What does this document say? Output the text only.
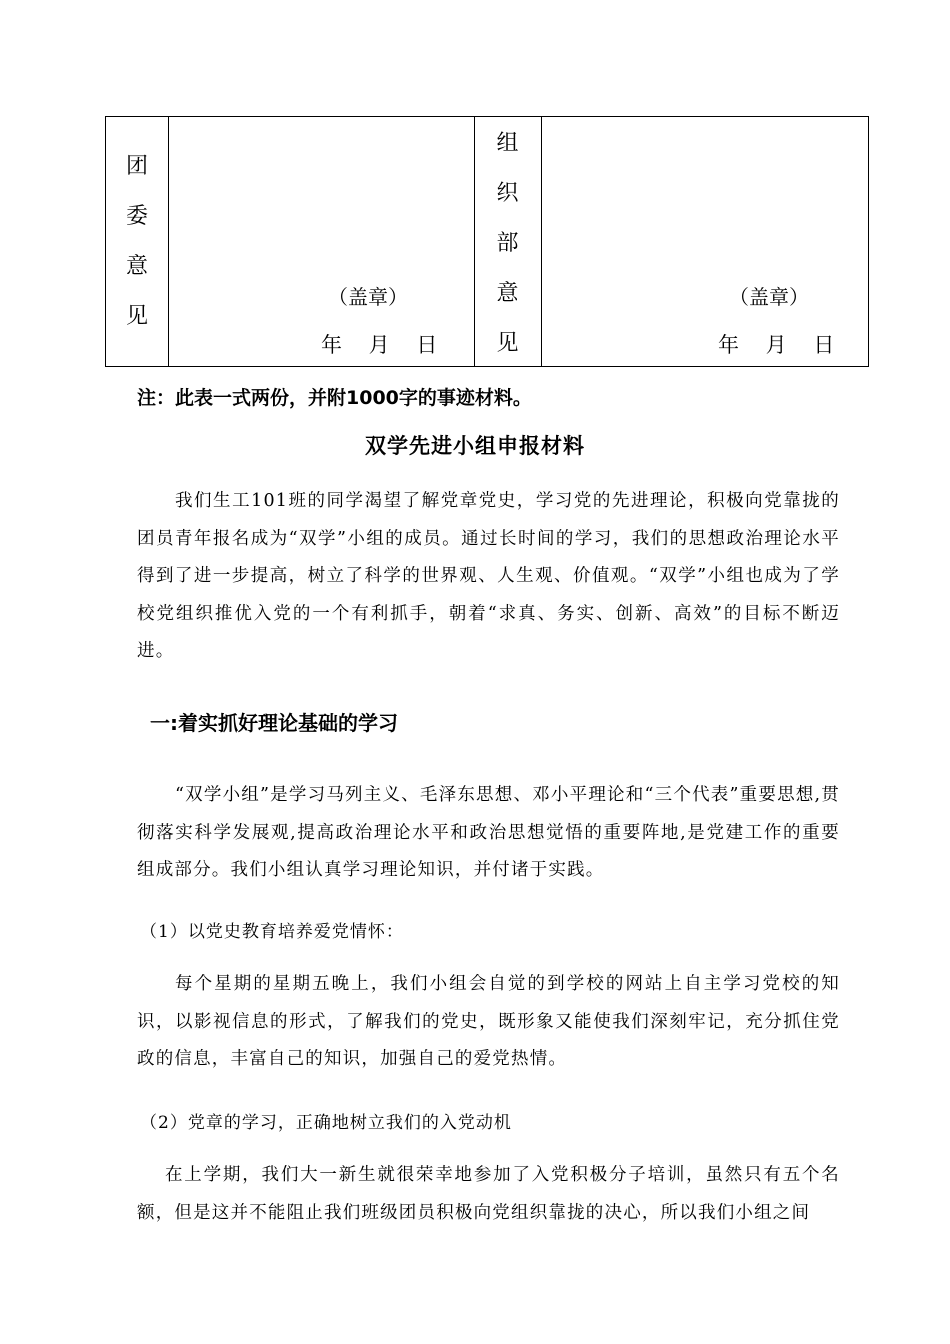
团
委
意
见
（盖章）
年 月 日
组
织
部
意
见
（盖章）
年 月 日
注：此表一式两份，并附1000字的事迹材料。
双学先进小组申报材料

我们生工101班的同学渴望了解党章党史，学习党的先进理论，积极向党靠拢的团员青年报名成为“双学”小组的成员。通过长时间的学习，我们的思想政治理论水平得到了进一步提高，树立了科学的世界观、人生观、价值观。“双学”小组也成为了学校党组织推优入党的一个有利抓手，朝着“求真、务实、创新、高效”的目标不断迈进。

一:着实抓好理论基础的学习

“双学小组”是学习马列主义、毛泽东思想、邓小平理论和“三个代表”重要思想,贯彻落实科学发展观,提高政治理论水平和政治思想觉悟的重要阵地,是党建工作的重要组成部分。我们小组认真学习理论知识，并付诸于实践。

（1）以党史教育培养爱党情怀：

每个星期的星期五晚上，我们小组会自觉的到学校的网站上自主学习党校的知识，以影视信息的形式，了解我们的党史，既形象又能使我们深刻牢记，充分抓住党政的信息，丰富自己的知识，加强自己的爱党热情。

（2）党章的学习，正确地树立我们的入党动机

在上学期，我们大一新生就很荣幸地参加了入党积极分子培训，虽然只有五个名额，但是这并不能阻止我们班级团员积极向党组织靠拢的决心，所以我们小组之间
